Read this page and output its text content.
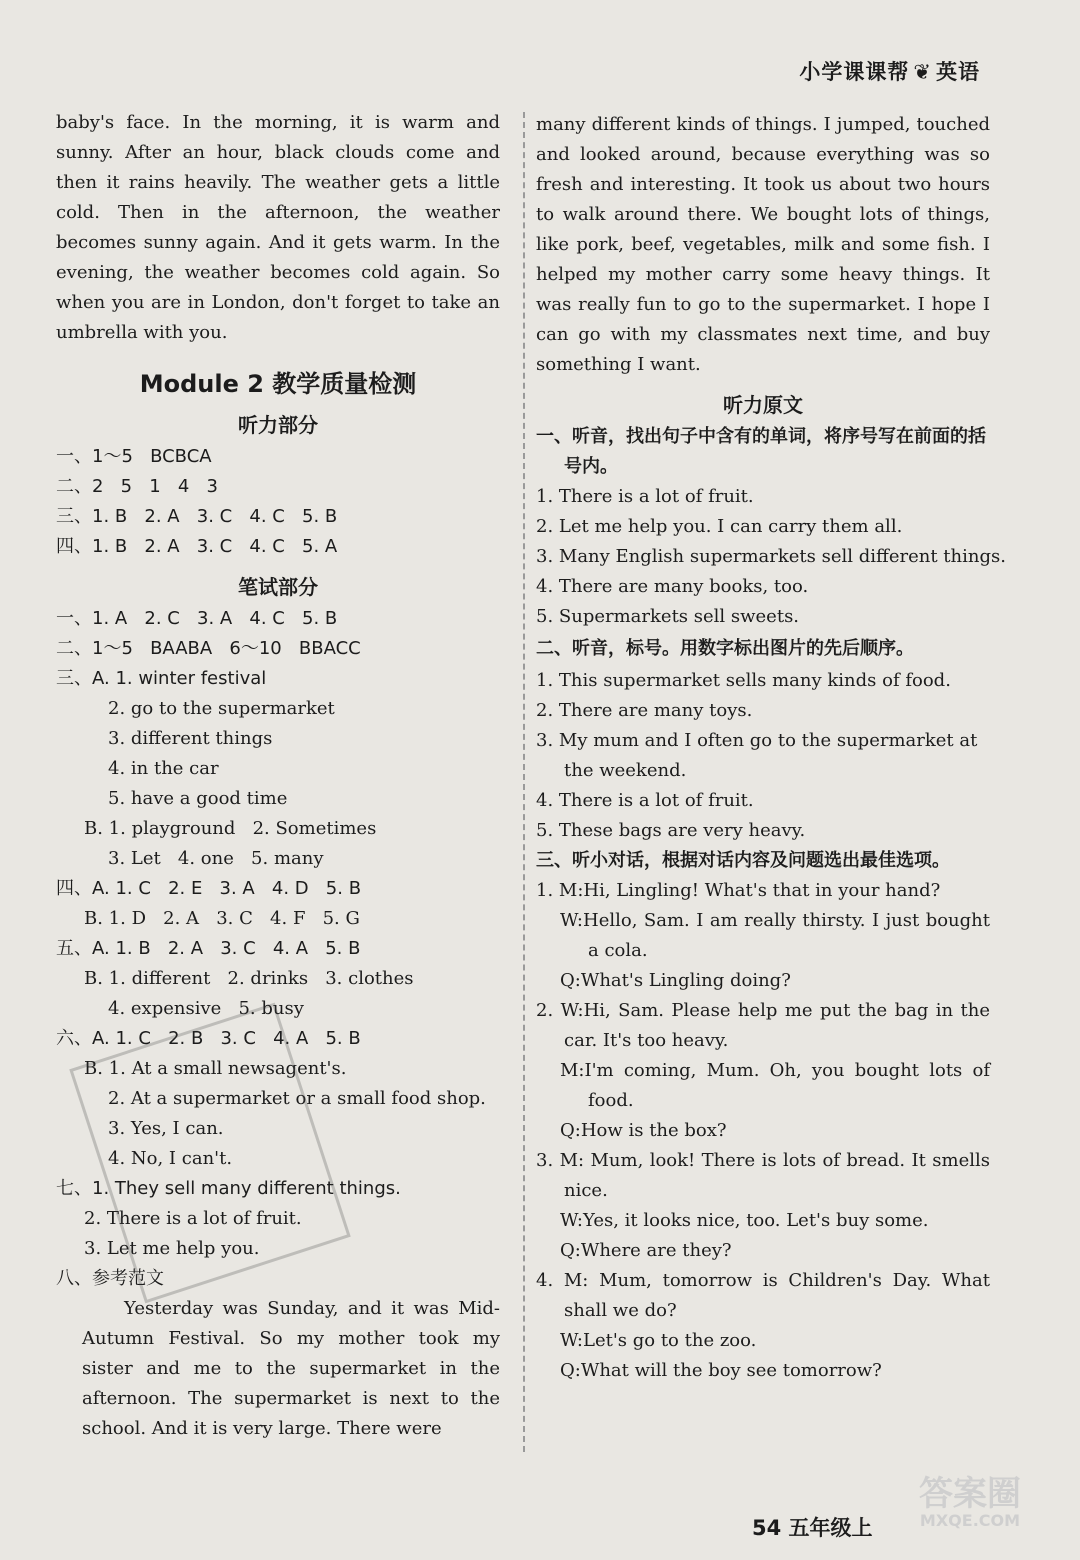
小学课课帮 ❦ 英语

baby's face. In the morning, it is warm and sunny. After an hour, black clouds come and then it rains heavily. The weather gets a little cold. Then in the afternoon, the weather becomes sunny again. And it gets warm. In the evening, the weather becomes cold again. So when you are in London, don't forget to take an umbrella with you.

Module 2 教学质量检测
听力部分

一、1～5   BCBCA

二、2   5   1   4   3

三、1. B   2. A   3. C   4. C   5. B

四、1. B   2. A   3. C   4. C   5. A

笔试部分

一、1. A   2. C   3. A   4. C   5. B

二、1～5   BAABA   6～10   BBACC

三、A. 1. winter festival

2. go to the supermarket

3. different things

4. in the car

5. have a good time

B. 1. playground   2. Sometimes

3. Let   4. one   5. many

四、A. 1. C   2. E   3. A   4. D   5. B

B. 1. D   2. A   3. C   4. F   5. G

五、A. 1. B   2. A   3. C   4. A   5. B

B. 1. different   2. drinks   3. clothes

4. expensive   5. busy

六、A. 1. C   2. B   3. C   4. A   5. B

B. 1. At a small newsagent's.

2. At a supermarket or a small food shop.

3. Yes, I can.

4. No, I can't.

七、1. They sell many different things.

2. There is a lot of fruit.

3. Let me help you.

八、参考范文

Yesterday was Sunday, and it was Mid-Autumn Festival. So my mother took my sister and me to the supermarket in the afternoon. The supermarket is next to the school. And it is very large. There were

many different kinds of things. I jumped, touched and looked around, because everything was so fresh and interesting. It took us about two hours to walk around there. We bought lots of things, like pork, beef, vegetables, milk and some fish. I helped my mother carry some heavy things. It was really fun to go to the supermarket. I hope I can go with my classmates next time, and buy something I want.

听力原文

一、听音，找出句子中含有的单词，将序号写在前面的括号内。

1. There is a lot of fruit.

2. Let me help you. I can carry them all.

3. Many English supermarkets sell different things.

4. There are many books, too.

5. Supermarkets sell sweets.

二、听音，标号。用数字标出图片的先后顺序。

1. This supermarket sells many kinds of food.

2. There are many toys.

3. My mum and I often go to the supermarket at the weekend.

4. There is a lot of fruit.

5. These bags are very heavy.

三、听小对话，根据对话内容及问题选出最佳选项。

1. M:Hi, Lingling! What's that in your hand?

W:Hello, Sam. I am really thirsty. I just bought a cola.

Q:What's Lingling doing?

2. W:Hi, Sam. Please help me put the bag in the car. It's too heavy.

M:I'm coming, Mum. Oh, you bought lots of food.

Q:How is the box?

3. M: Mum, look! There is lots of bread. It smells nice.

W:Yes, it looks nice, too. Let's buy some.

Q:Where are they?

4. M: Mum, tomorrow is Children's Day. What shall we do?

W:Let's go to the zoo.

Q:What will the boy see tomorrow?

54 五年级上
答案圈
MXQE.COM
